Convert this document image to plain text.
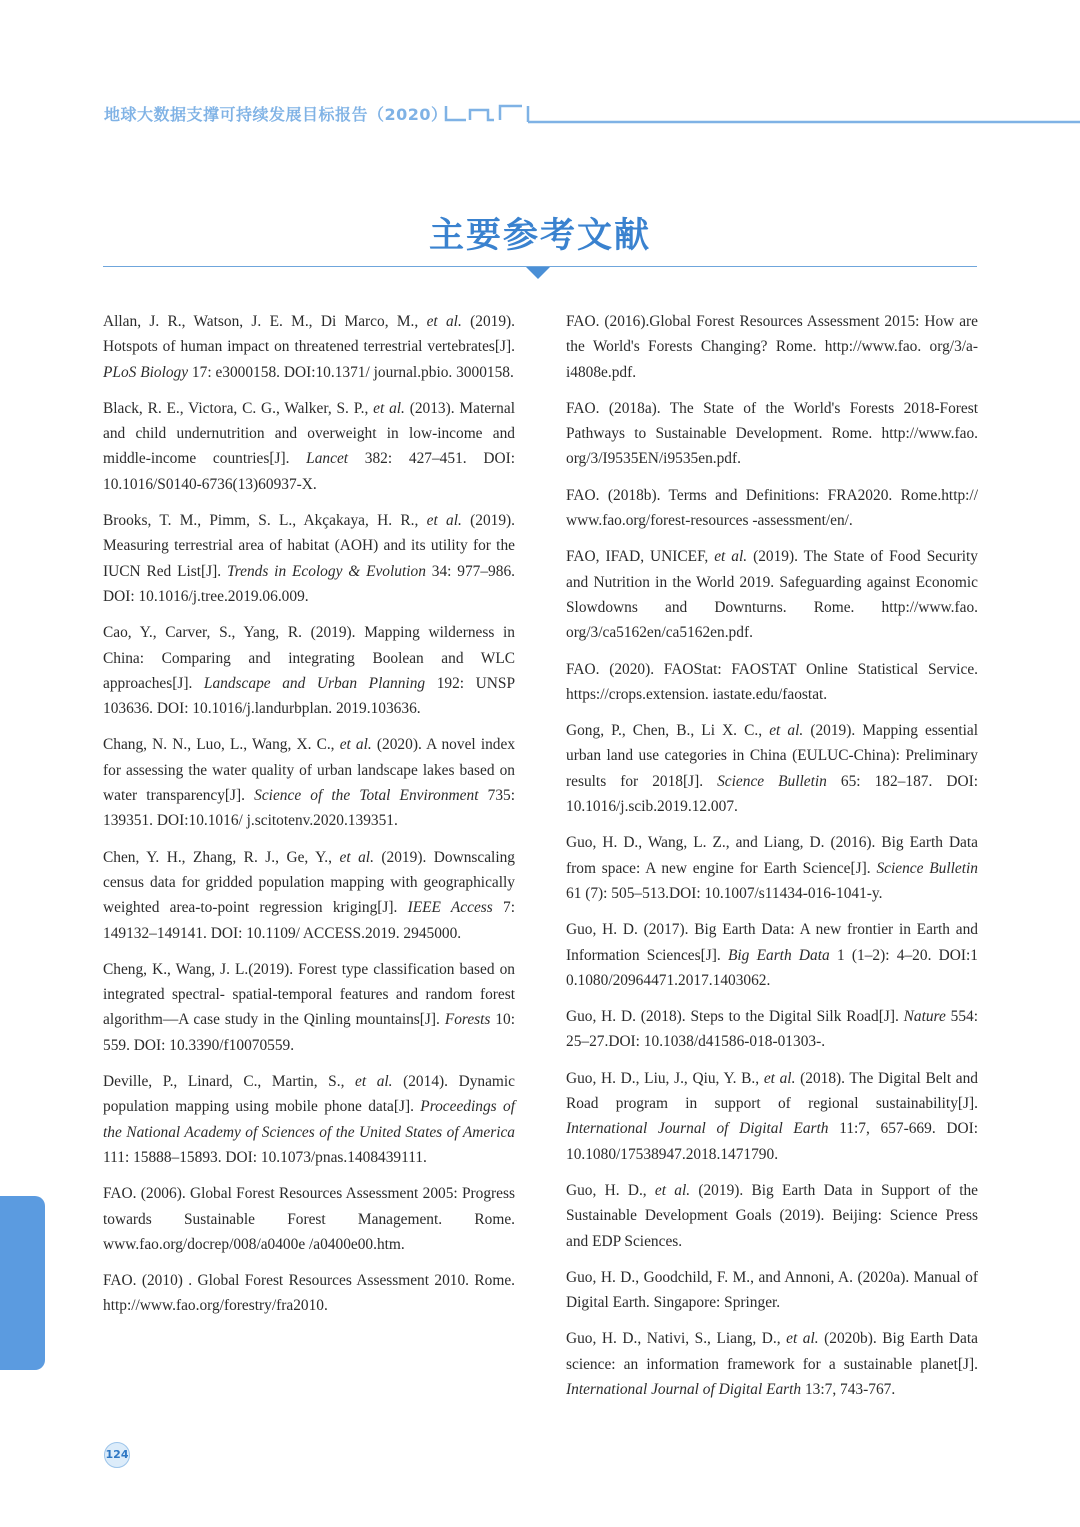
地球大数据支撑可持续发展目标报告（2020）
主要参考文献

Allan, J. R., Watson, J. E. M., Di Marco, M., et al. (2019). Hotspots of human impact on threatened terrestrial vertebrates[J]. PLoS Biology 17: e3000158. DOI:10.1371/ journal.pbio. 3000158.

Black, R. E., Victora, C. G., Walker, S. P., et al. (2013). Maternal and child undernutrition and overweight in low-income and middle-income countries[J]. Lancet 382: 427–451. DOI: 10.1016/S0140-6736(13)60937-X.

Brooks, T. M., Pimm, S. L., Akçakaya, H. R., et al. (2019). Measuring terrestrial area of habitat (AOH) and its utility for the IUCN Red List[J]. Trends in Ecology & Evolution 34: 977–986. DOI: 10.1016/j.tree.2019.06.009.

Cao, Y., Carver, S., Yang, R. (2019). Mapping wilderness in China: Comparing and integrating Boolean and WLC approaches[J]. Landscape and Urban Planning 192: UNSP 103636. DOI: 10.1016/j.landurbplan. 2019.103636.

Chang, N. N., Luo, L., Wang, X. C., et al. (2020). A novel index for assessing the water quality of urban landscape lakes based on water transparency[J]. Science of the Total Environment 735: 139351. DOI:10.1016/ j.scitotenv.2020.139351.

Chen, Y. H., Zhang, R. J., Ge, Y., et al. (2019). Downscaling census data for gridded population mapping with geographically weighted area-to-point regression kriging[J]. IEEE Access 7: 149132–149141. DOI: 10.1109/ ACCESS.2019. 2945000.

Cheng, K., Wang, J. L.(2019). Forest type classification based on integrated spectral- spatial-temporal features and random forest algorithm—A case study in the Qinling mountains[J]. Forests 10: 559. DOI: 10.3390/f10070559.

Deville, P., Linard, C., Martin, S., et al. (2014). Dynamic population mapping using mobile phone data[J]. Proceedings of the National Academy of Sciences of the United States of America 111: 15888–15893. DOI: 10.1073/pnas.1408439111.

FAO. (2006). Global Forest Resources Assessment 2005: Progress towards Sustainable Forest Management. Rome. www.fao.org/docrep/008/a0400e /a0400e00.htm.

FAO. (2010) . Global Forest Resources Assessment 2010. Rome. http://www.fao.org/forestry/fra2010.

FAO. (2016).Global Forest Resources Assessment 2015: How are the World's Forests Changing? Rome. http://www.fao. org/3/a-i4808e.pdf.

FAO. (2018a). The State of the World's Forests 2018-Forest Pathways to Sustainable Development. Rome. http://www.fao. org/3/I9535EN/i9535en.pdf.

FAO. (2018b). Terms and Definitions: FRA2020. Rome.http:// www.fao.org/forest-resources -assessment/en/.

FAO, IFAD, UNICEF, et al. (2019). The State of Food Security and Nutrition in the World 2019. Safeguarding against Economic Slowdowns and Downturns. Rome. http://www.fao. org/3/ca5162en/ca5162en.pdf.

FAO. (2020). FAOStat: FAOSTAT Online Statistical Service. https://crops.extension. iastate.edu/faostat.

Gong, P., Chen, B., Li X. C., et al. (2019). Mapping essential urban land use categories in China (EULUC-China): Preliminary results for 2018[J]. Science Bulletin 65: 182–187. DOI: 10.1016/j.scib.2019.12.007.

Guo, H. D., Wang, L. Z., and Liang, D. (2016). Big Earth Data from space: A new engine for Earth Science[J]. Science Bulletin 61 (7): 505–513.DOI: 10.1007/s11434-016-1041-y.

Guo, H. D. (2017). Big Earth Data: A new frontier in Earth and Information Sciences[J]. Big Earth Data 1 (1–2): 4–20. DOI:1 0.1080/20964471.2017.1403062.

Guo, H. D. (2018). Steps to the Digital Silk Road[J]. Nature 554: 25–27.DOI: 10.1038/d41586-018-01303-.

Guo, H. D., Liu, J., Qiu, Y. B., et al. (2018). The Digital Belt and Road program in support of regional sustainability[J]. International Journal of Digital Earth 11:7, 657-669. DOI: 10.1080/17538947.2018.1471790.

Guo, H. D., et al. (2019). Big Earth Data in Support of the Sustainable Development Goals (2019). Beijing: Science Press and EDP Sciences.

Guo, H. D., Goodchild, F. M., and Annoni, A. (2020a). Manual of Digital Earth. Singapore: Springer.

Guo, H. D., Nativi, S., Liang, D., et al. (2020b). Big Earth Data science: an information framework for a sustainable planet[J]. International Journal of Digital Earth 13:7, 743-767.

124
